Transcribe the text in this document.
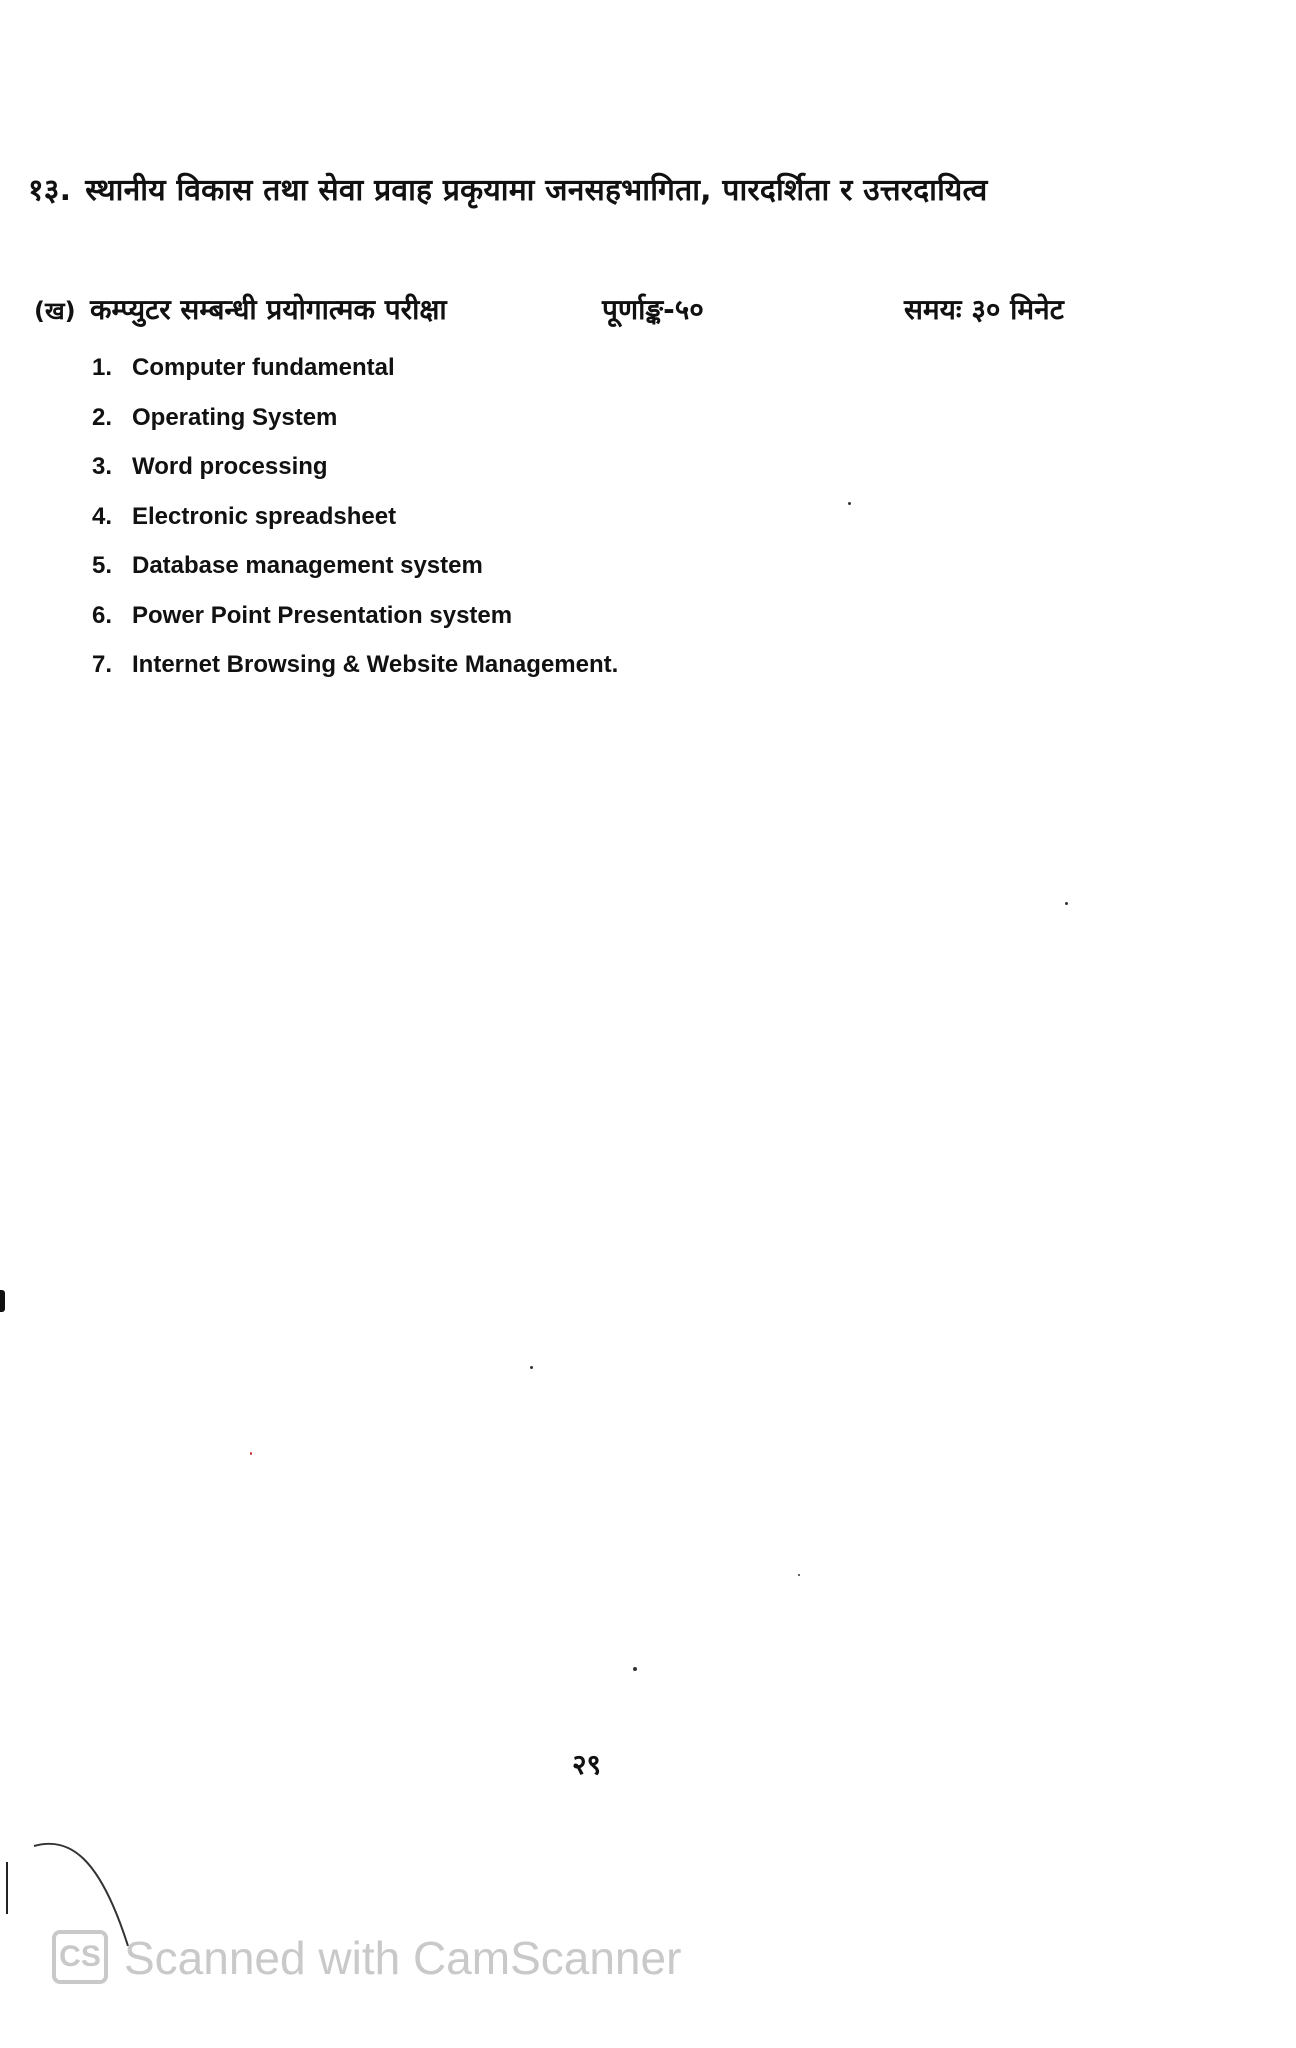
१३. स्थानीय विकास तथा सेवा प्रवाह प्रकृयामा जनसहभागिता, पारदर्शिता र उत्तरदायित्व
(ख) कम्प्युटर सम्बन्धी प्रयोगात्मक परीक्षा	पूर्णाङ्क-५०	समयः ३० मिनेट
1. Computer fundamental
2. Operating System
3. Word processing
4. Electronic spreadsheet
5. Database management system
6. Power Point Presentation system
7. Internet Browsing & Website Management.
२९
CS Scanned with CamScanner
